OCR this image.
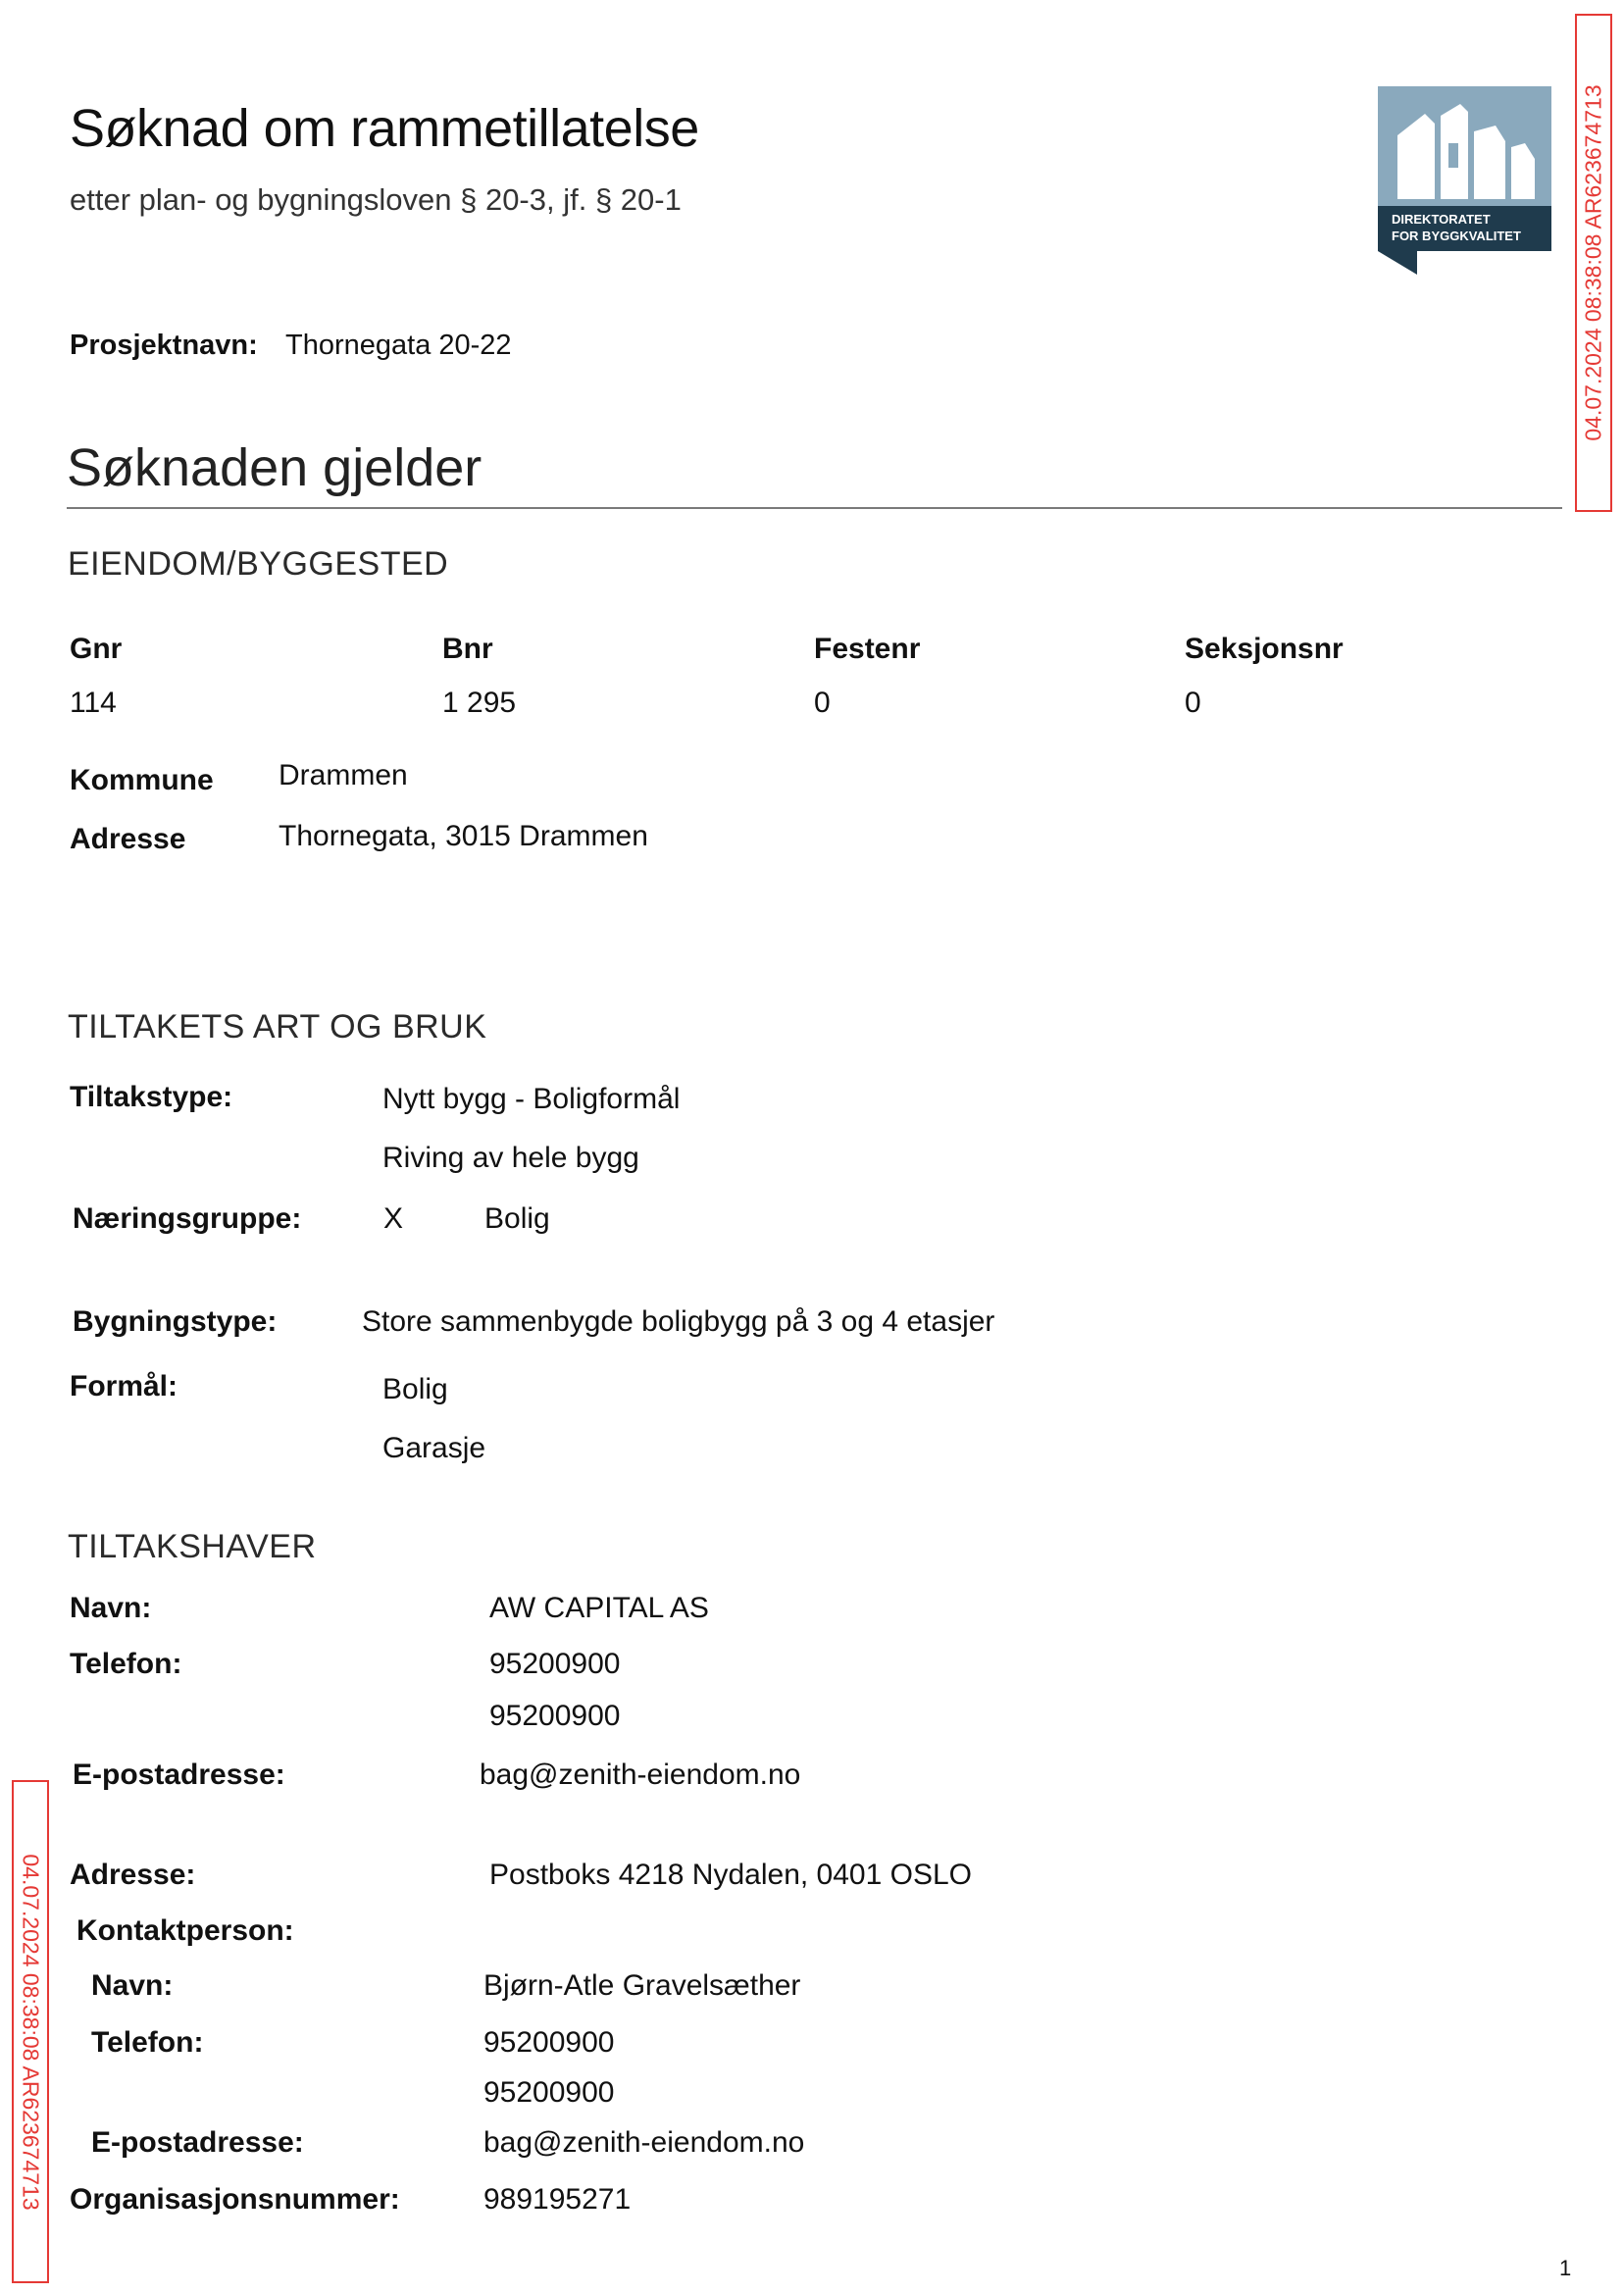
Søknad om rammetillatelse
etter plan- og bygningsloven § 20-3, jf. § 20-1
DIREKTORATET
FOR BYGGKVALITET	04.07.2024 08:38:08 AR623674713
04.07.2024 08:38:08 AR623674713
Prosjektnavn: Thornegata 20-22
Søknaden gjelder
EIENDOM/BYGGESTED
Gnr	Bnr	Festenr	Seksjonsnr
114	1 295	0	0
Kommune Drammen
Adresse	Thornegata, 3015 Drammen
TILTAKETS ART OG BRUK
Tiltakstype:	Nytt bygg - Boligformål
Riving av hele bygg
Næringsgruppe:	X	Bolig
Bygningstype:	Store sammenbygde boligbygg på 3 og 4 etasjer
Formål:	Bolig
Garasje
TILTAKSHAVER
Navn:	AW CAPITAL AS
Telefon:	95200900
95200900
E-postadresse:	bag@zenith-eiendom.no
Adresse:	Postboks 4218 Nydalen, 0401 OSLO
Kontaktperson:
Navn:	Bjørn-Atle Gravelsæther
Telefon:	95200900
95200900
E-postadresse:	bag@zenith-eiendom.no
Organisasjonsnummer:	989195271
1
